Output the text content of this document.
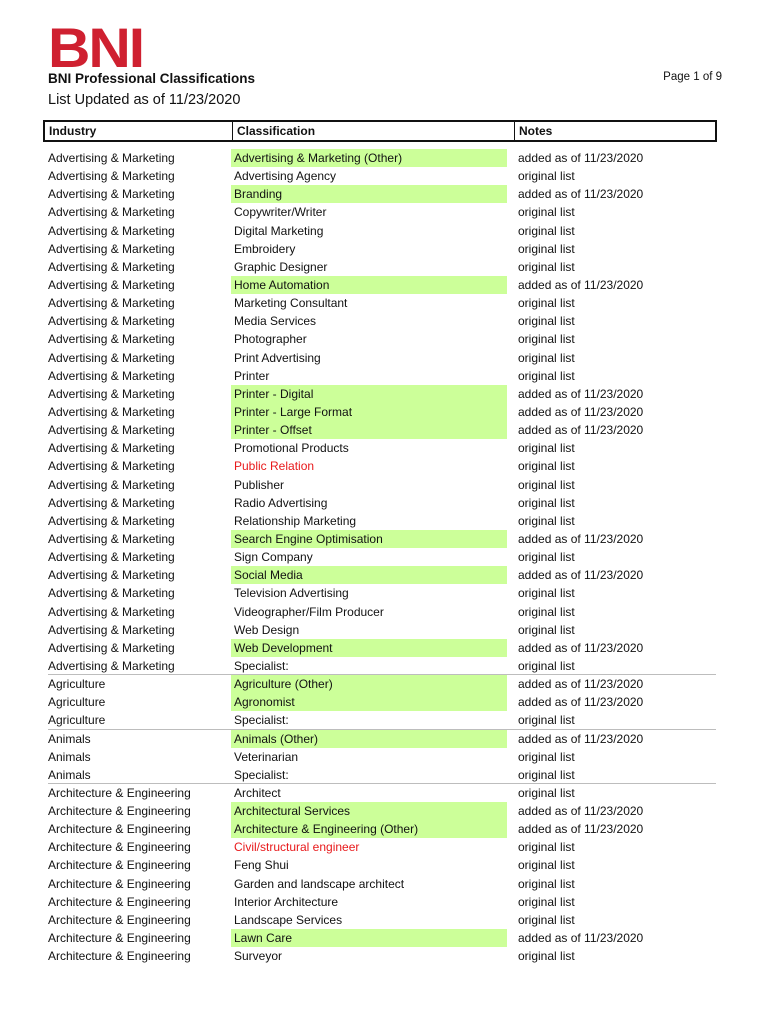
BNI
BNI Professional Classifications
List Updated as of 11/23/2020
Page 1 of 9
Industry	Classification	Notes
Advertising & Marketing	Advertising & Marketing (Other)	added as of 11/23/2020
Advertising & Marketing	Advertising Agency	original list
Advertising & Marketing	Branding	added as of 11/23/2020
Advertising & Marketing	Copywriter/Writer	original list
Advertising & Marketing	Digital Marketing	original list
Advertising & Marketing	Embroidery	original list
Advertising & Marketing	Graphic Designer	original list
Advertising & Marketing	Home Automation	added as of 11/23/2020
Advertising & Marketing	Marketing Consultant	original list
Advertising & Marketing	Media Services	original list
Advertising & Marketing	Photographer	original list
Advertising & Marketing	Print Advertising	original list
Advertising & Marketing	Printer	original list
Advertising & Marketing	Printer - Digital	added as of 11/23/2020
Advertising & Marketing	Printer - Large Format	added as of 11/23/2020
Advertising & Marketing	Printer - Offset	added as of 11/23/2020
Advertising & Marketing	Promotional Products	original list
Advertising & Marketing	Public Relation	original list
Advertising & Marketing	Publisher	original list
Advertising & Marketing	Radio Advertising	original list
Advertising & Marketing	Relationship Marketing	original list
Advertising & Marketing	Search Engine Optimisation	added as of 11/23/2020
Advertising & Marketing	Sign Company	original list
Advertising & Marketing	Social Media	added as of 11/23/2020
Advertising & Marketing	Television Advertising	original list
Advertising & Marketing	Videographer/Film Producer	original list
Advertising & Marketing	Web Design	original list
Advertising & Marketing	Web Development	added as of 11/23/2020
Advertising & Marketing	Specialist:	original list
Agriculture	Agriculture (Other)	added as of 11/23/2020
Agriculture	Agronomist	added as of 11/23/2020
Agriculture	Specialist:	original list
Animals	Animals (Other)	added as of 11/23/2020
Animals	Veterinarian	original list
Animals	Specialist:	original list
Architecture & Engineering	Architect	original list
Architecture & Engineering	Architectural Services	added as of 11/23/2020
Architecture & Engineering	Architecture & Engineering (Other)	added as of 11/23/2020
Architecture & Engineering	Civil/structural engineer	original list
Architecture & Engineering	Feng Shui	original list
Architecture & Engineering	Garden and landscape architect	original list
Architecture & Engineering	Interior Architecture	original list
Architecture & Engineering	Landscape Services	original list
Architecture & Engineering	Lawn Care	added as of 11/23/2020
Architecture & Engineering	Surveyor	original list
